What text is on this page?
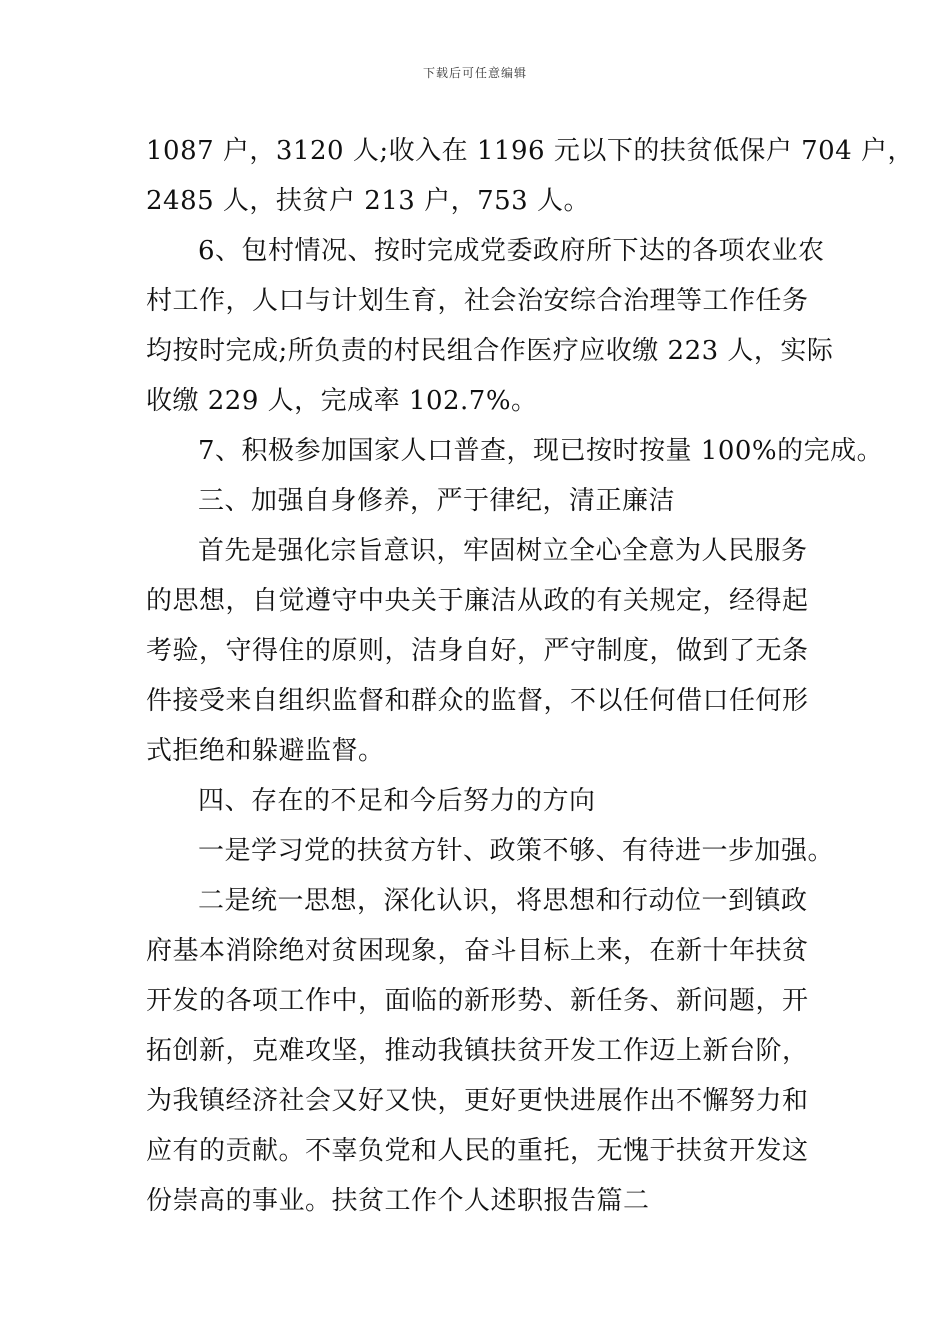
下载后可任意编辑
1087 户，3120 人;收入在 1196 元以下的扶贫低保户 704 户，
2485 人，扶贫户 213 户，753 人。
6、包村情况、按时完成党委政府所下达的各项农业农
村工作，人口与计划生育，社会治安综合治理等工作任务
均按时完成;所负责的村民组合作医疗应收缴 223 人，实际
收缴 229 人，完成率 102.7%。
7、积极参加国家人口普查，现已按时按量 100%的完成。
三、加强自身修养，严于律纪，清正廉洁
首先是强化宗旨意识，牢固树立全心全意为人民服务
的思想，自觉遵守中央关于廉洁从政的有关规定，经得起
考验，守得住的原则，洁身自好，严守制度，做到了无条
件接受来自组织监督和群众的监督，不以任何借口任何形
式拒绝和躲避监督。
四、存在的不足和今后努力的方向
一是学习党的扶贫方针、政策不够、有待进一步加强。
二是统一思想，深化认识，将思想和行动位一到镇政
府基本消除绝对贫困现象，奋斗目标上来，在新十年扶贫
开发的各项工作中，面临的新形势、新任务、新问题，开
拓创新，克难攻坚，推动我镇扶贫开发工作迈上新台阶，
为我镇经济社会又好又快，更好更快进展作出不懈努力和
应有的贡献。不辜负党和人民的重托，无愧于扶贫开发这
份崇高的事业。扶贫工作个人述职报告篇二
